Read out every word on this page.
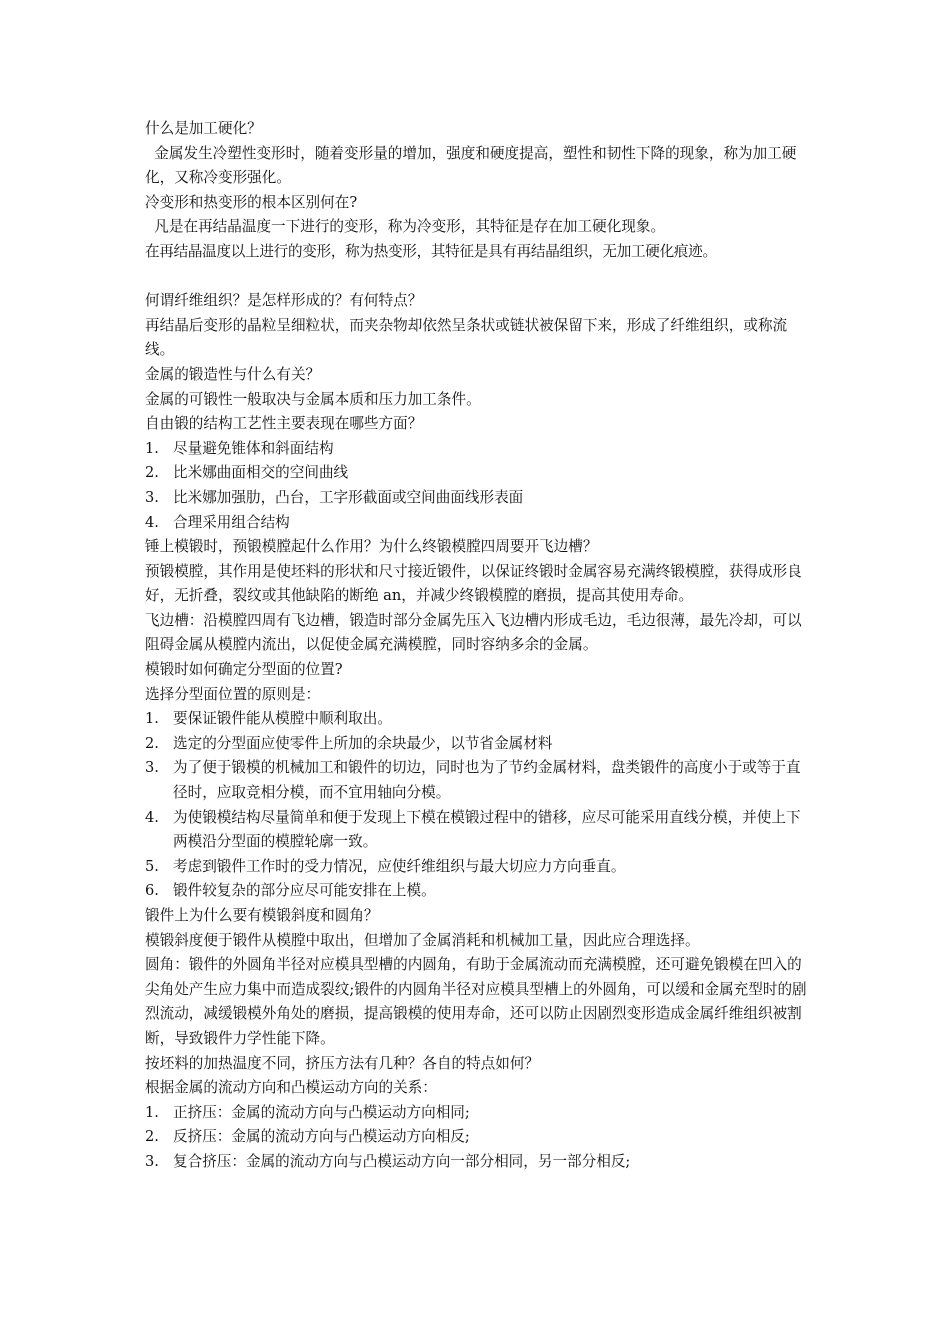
什么是加工硬化？

金属发生冷塑性变形时，随着变形量的增加，强度和硬度提高，塑性和韧性下降的现象，称为加工硬化，又称冷变形强化。

冷变形和热变形的根本区别何在?

凡是在再结晶温度一下进行的变形，称为冷变形，其特征是存在加工硬化现象。

在再结晶温度以上进行的变形，称为热变形，其特征是具有再结晶组织，无加工硬化痕迹。

何谓纤维组织？是怎样形成的？有何特点？

再结晶后变形的晶粒呈细粒状，而夹杂物却依然呈条状或链状被保留下来，形成了纤维组织，或称流线。

金属的锻造性与什么有关？

金属的可锻性一般取决与金属本质和压力加工条件。

自由锻的结构工艺性主要表现在哪些方面？

1. 尽量避免锥体和斜面结构
2. 比米娜曲面相交的空间曲线
3. 比米娜加强肋，凸台，工字形截面或空间曲面线形表面
4. 合理采用组合结构

锤上模锻时，预锻模膛起什么作用？为什么终锻模膛四周要开飞边槽？

预锻模膛，其作用是使坯料的形状和尺寸接近锻件，以保证终锻时金属容易充满终锻模膛，获得成形良好，无折叠，裂纹或其他缺陷的断绝 an，并减少终锻模膛的磨损，提高其使用寿命。

飞边槽：沿模膛四周有飞边槽，锻造时部分金属先压入飞边槽内形成毛边，毛边很薄，最先冷却，可以阻碍金属从模膛内流出，以促使金属充满模膛，同时容纳多余的金属。

模锻时如何确定分型面的位置?

选择分型面位置的原则是：

1. 要保证锻件能从模膛中顺利取出。
2. 选定的分型面应使零件上所加的余块最少，以节省金属材料
3. 为了便于锻模的机械加工和锻件的切边，同时也为了节约金属材料，盘类锻件的高度小于或等于直径时，应取竞相分模，而不宜用轴向分模。
4. 为使锻模结构尽量简单和便于发现上下模在模锻过程中的错移，应尽可能采用直线分模，并使上下两模沿分型面的模膛轮廓一致。
5. 考虑到锻件工作时的受力情况，应使纤维组织与最大切应力方向垂直。
6. 锻件较复杂的部分应尽可能安排在上模。

锻件上为什么要有模锻斜度和圆角？

模锻斜度便于锻件从模膛中取出，但增加了金属消耗和机械加工量，因此应合理选择。

圆角：锻件的外圆角半径对应模具型槽的内圆角，有助于金属流动而充满模膛，还可避免锻模在凹入的尖角处产生应力集中而造成裂纹;锻件的内圆角半径对应模具型槽上的外圆角，可以缓和金属充型时的剧烈流动，减缓锻模外角处的磨损，提高锻模的使用寿命，还可以防止因剧烈变形造成金属纤维组织被割断，导致锻件力学性能下降。

按坯料的加热温度不同，挤压方法有几种？各自的特点如何？

根据金属的流动方向和凸模运动方向的关系：

1. 正挤压：金属的流动方向与凸模运动方向相同;
2. 反挤压：金属的流动方向与凸模运动方向相反;
3. 复合挤压：金属的流动方向与凸模运动方向一部分相同，另一部分相反;
